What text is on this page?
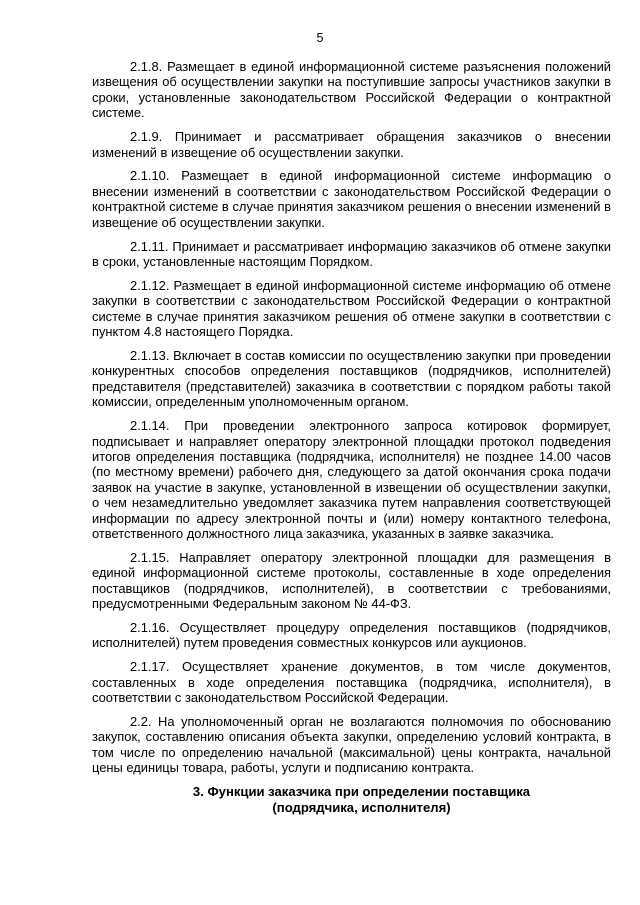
5

2.1.8. Размещает в единой информационной системе разъяснения положений извещения об осуществлении закупки на поступившие запросы участников закупки в сроки, установленные законодательством Российской Федерации о контрактной системе.

2.1.9. Принимает и рассматривает обращения заказчиков о внесении изменений в извещение об осуществлении закупки.

2.1.10. Размещает в единой информационной системе информацию о внесении изменений в соответствии с законодательством Российской Федерации о контрактной системе в случае принятия заказчиком решения о внесении изменений в извещение об осуществлении закупки.

2.1.11. Принимает и рассматривает информацию заказчиков об отмене закупки в сроки, установленные настоящим Порядком.

2.1.12. Размещает в единой информационной системе информацию об отмене закупки в соответствии с законодательством Российской Федерации о контрактной системе в случае принятия заказчиком решения об отмене закупки в соответствии с пунктом 4.8 настоящего Порядка.

2.1.13. Включает в состав комиссии по осуществлению закупки при проведении конкурентных способов определения поставщиков (подрядчиков, исполнителей) представителя (представителей) заказчика в соответствии с порядком работы такой комиссии, определенным уполномоченным органом.

2.1.14. При проведении электронного запроса котировок формирует, подписывает и направляет оператору электронной площадки протокол подведения итогов определения поставщика (подрядчика, исполнителя) не позднее 14.00 часов (по местному времени) рабочего дня, следующего за датой окончания срока подачи заявок на участие в закупке, установленной в извещении об осуществлении закупки, о чем незамедлительно уведомляет заказчика путем направления соответствующей информации по адресу электронной почты и (или) номеру контактного телефона, ответственного должностного лица заказчика, указанных в заявке заказчика.

2.1.15. Направляет оператору электронной площадки для размещения в единой информационной системе протоколы, составленные в ходе определения поставщиков (подрядчиков, исполнителей), в соответствии с требованиями, предусмотренными Федеральным законом № 44-ФЗ.

2.1.16. Осуществляет процедуру определения поставщиков (подрядчиков, исполнителей) путем проведения совместных конкурсов или аукционов.

2.1.17. Осуществляет хранение документов, в том числе документов, составленных в ходе определения поставщика (подрядчика, исполнителя), в соответствии с законодательством Российской Федерации.

2.2. На уполномоченный орган не возлагаются полномочия по обоснованию закупок, составлению описания объекта закупки, определению условий контракта, в том числе по определению начальной (максимальной) цены контракта, начальной цены единицы товара, работы, услуги и подписанию контракта.

3. Функции заказчика при определении поставщика
(подрядчика, исполнителя)
